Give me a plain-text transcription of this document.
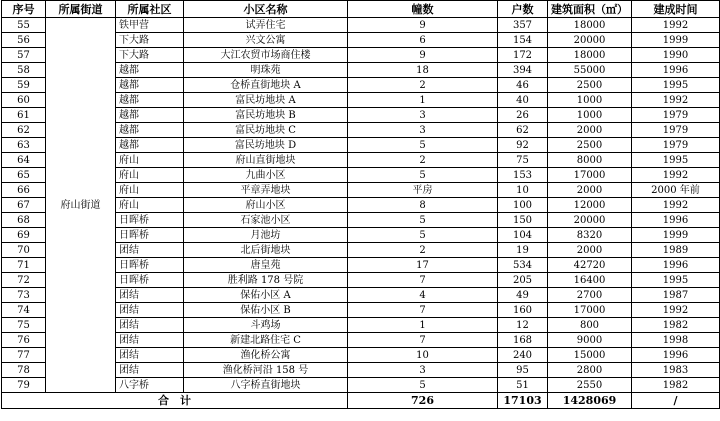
序号	所属街道	所属社区	小区名称	幢数	户数	建筑面积（㎡）	建成时间
55	府山街道	铁甲营	试弄住宅	9	357	18000	1992
56		下大路	兴文公寓	6	154	20000	1999
57		下大路	大江农贸市场商住楼	9	172	18000	1990
58		越都	明珠苑	18	394	55000	1996
59		越都	仓桥直街地块 A	2	46	2500	1995
60		越都	富民坊地块 A	1	40	1000	1992
61		越都	富民坊地块 B	3	26	1000	1979
62		越都	富民坊地块 C	3	62	2000	1979
63		越都	富民坊地块 D	5	92	2500	1979
64		府山	府山直街地块	2	75	8000	1995
65		府山	九曲小区	5	153	17000	1992
66		府山	平章弄地块	平房	10	2000	2000 年前
67		府山	府山小区	8	100	12000	1992
68		日晖桥	石家池小区	5	150	20000	1996
69		日晖桥	月池坊	5	104	8320	1999
70		团结	北后街地块	2	19	2000	1989
71		日晖桥	唐皇苑	17	534	42720	1996
72		日晖桥	胜利路 178 号院	7	205	16400	1995
73		团结	保佑小区 A	4	49	2700	1987
74		团结	保佑小区 B	7	160	17000	1992
75		团结	斗鸡场	1	12	800	1982
76		团结	新建北路住宅 C	7	168	9000	1998
77		团结	渔化桥公寓	10	240	15000	1996
78		团结	渔化桥河沿 158 号	3	95	2800	1983
79		八字桥	八字桥直街地块	5	51	2550	1982
合　计				726	17103	1428069	/
